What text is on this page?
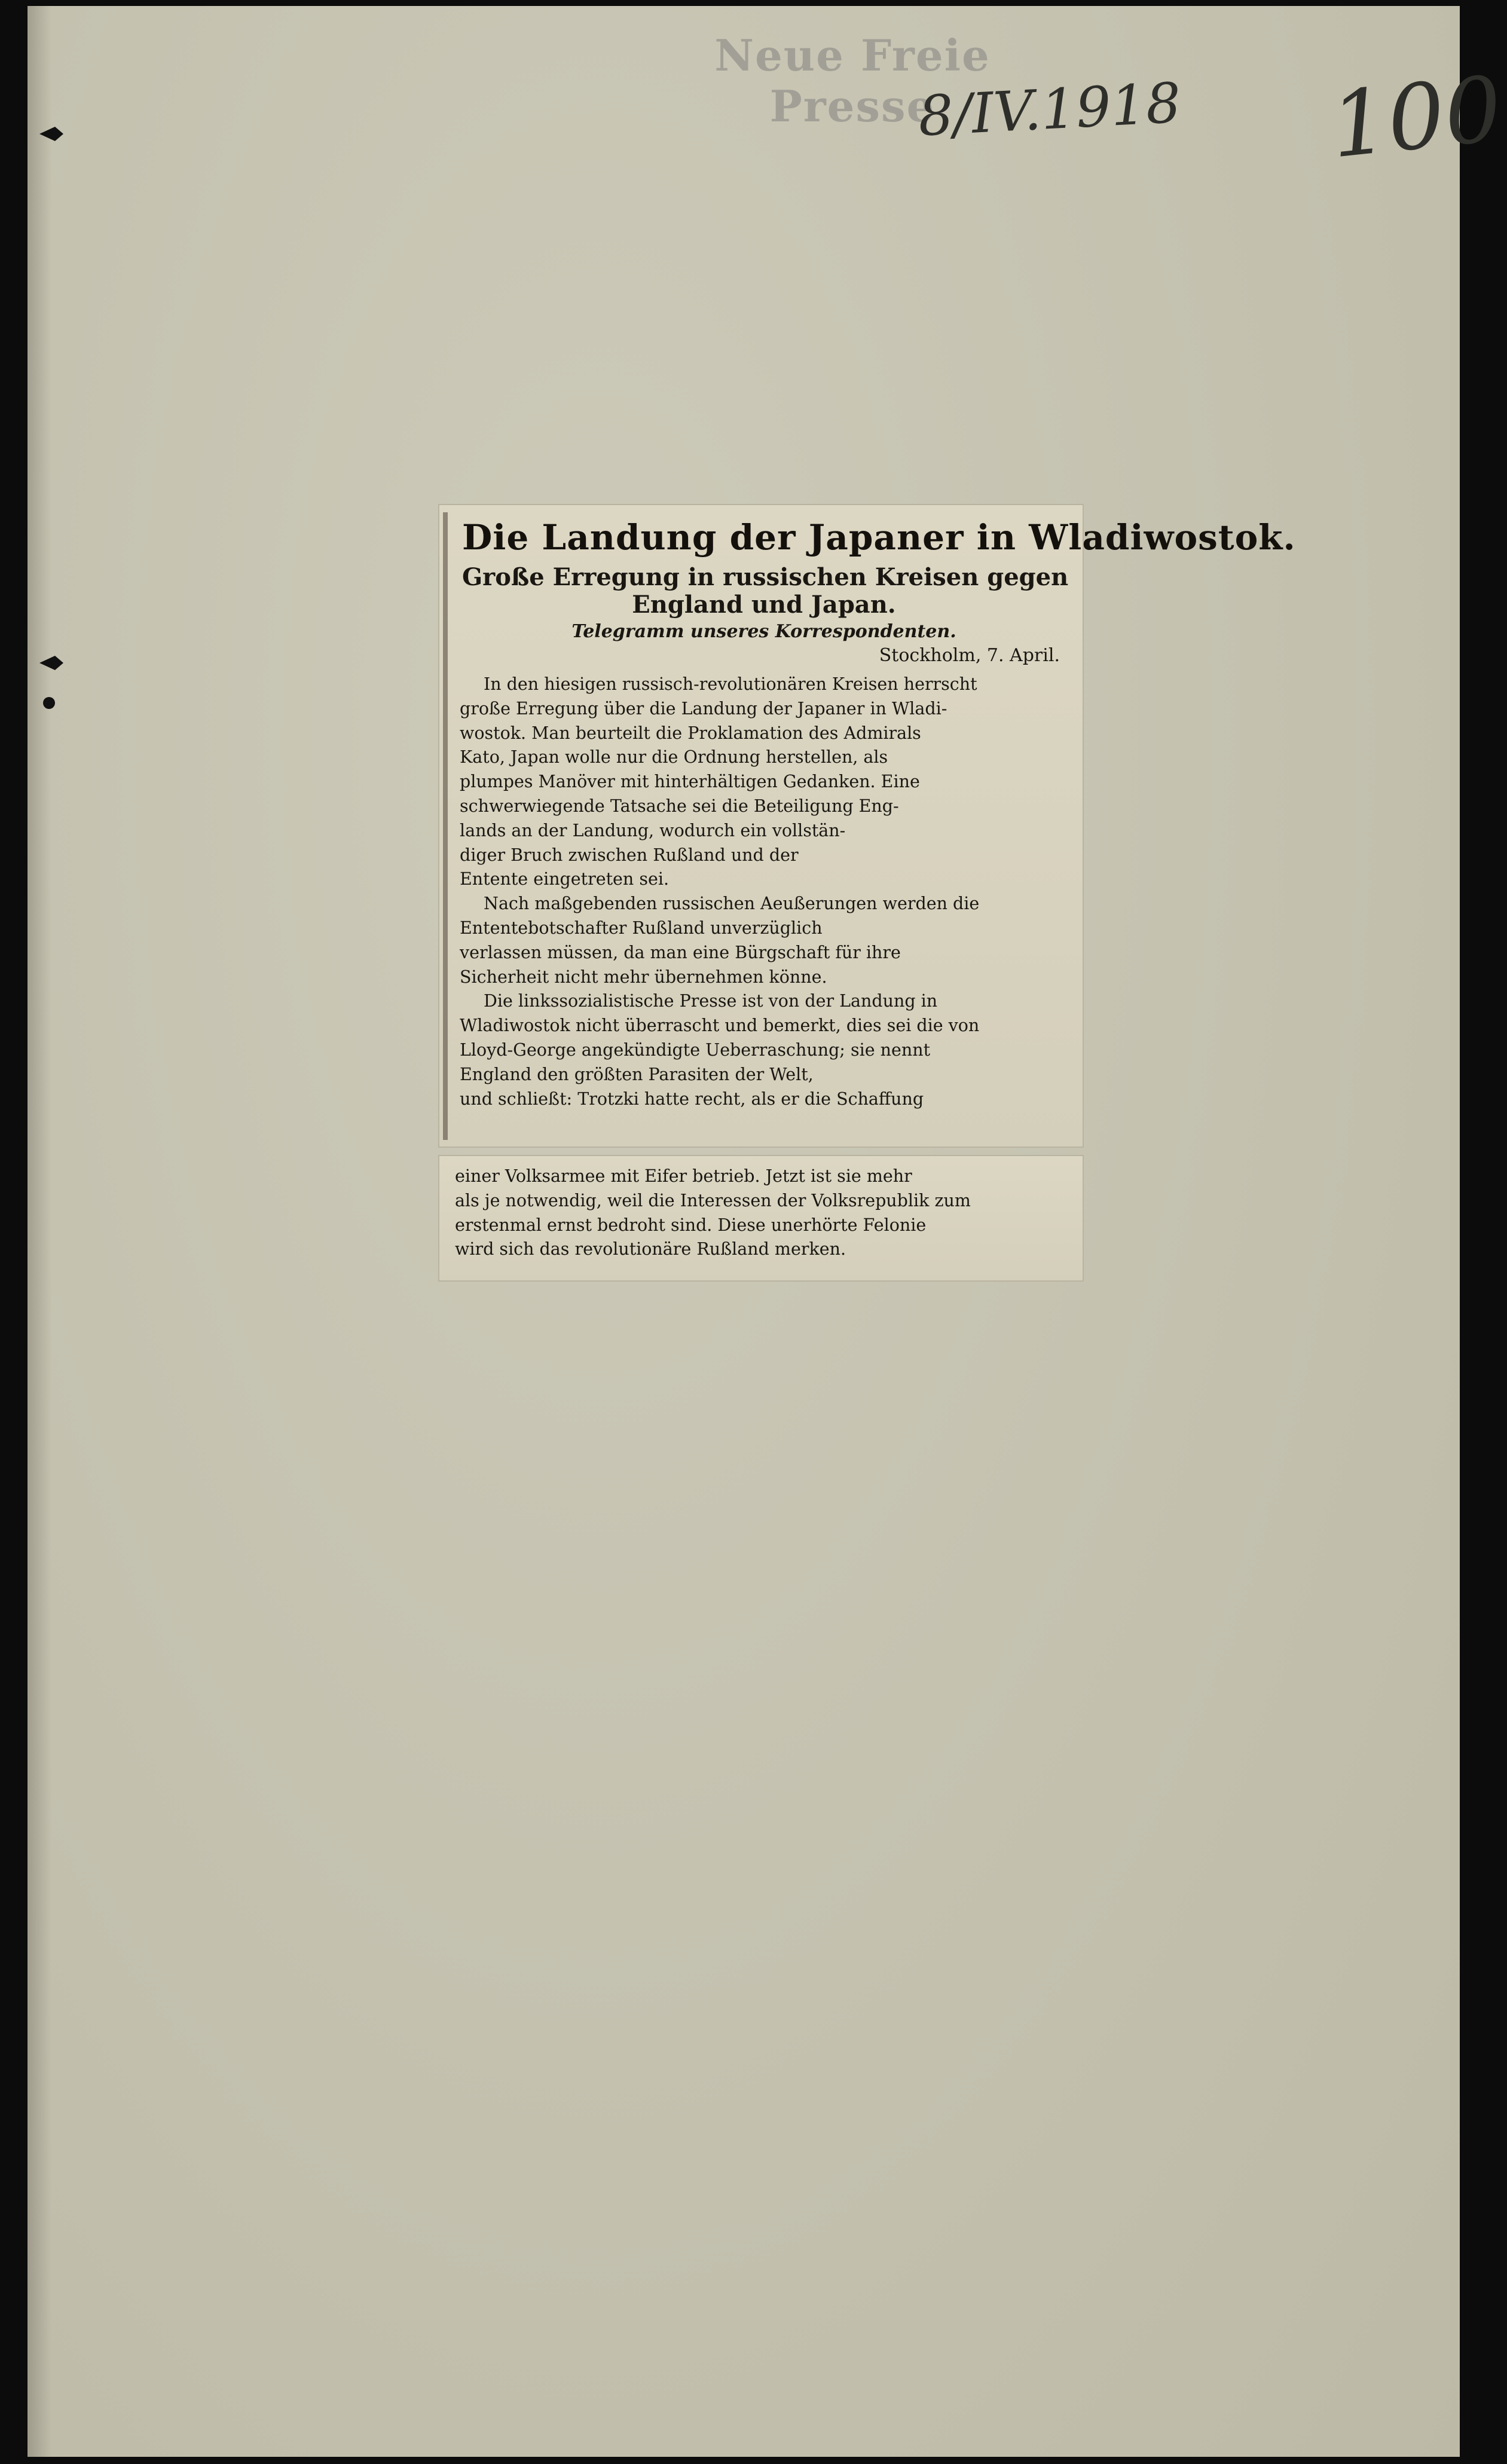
Neue Freie Presse
8/IV.1918 100
Die Landung der Japaner in Wladiwostok.
Große Erregung in russischen Kreisen gegen
England und Japan.
Telegramm unseres Korrespondenten.
Stockholm, 7. April.
In den hiesigen russisch-revolutionären Kreisen herrscht
große Erregung über die Landung der Japaner in Wladi-
wostok. Man beurteilt die Proklamation des Admirals
Kato, Japan wolle nur die Ordnung herstellen, als
plumpes Manöver mit hinterhältigen Gedanken. Eine
schwerwiegende Tatsache sei die Beteiligung Eng-
lands an der Landung, wodurch ein vollstän-
diger Bruch zwischen Rußland und der
Entente eingetreten sei.
Nach maßgebenden russischen Aeußerungen werden die
Ententebotschafter Rußland unverzüglich
verlassen müssen, da man eine Bürgschaft für ihre
Sicherheit nicht mehr übernehmen könne.
Die linkssozialistische Presse ist von der Landung in
Wladiwostok nicht überrascht und bemerkt, dies sei die von
Lloyd-George angekündigte Ueberraschung; sie nennt
England den größten Parasiten der Welt,
und schließt: Trotzki hatte recht, als er die Schaffung
einer Volksarmee mit Eifer betrieb. Jetzt ist sie mehr
als je notwendig, weil die Interessen der Volksrepublik zum
erstenmal ernst bedroht sind. Diese unerhörte Felonie
wird sich das revolutionäre Rußland merken.
